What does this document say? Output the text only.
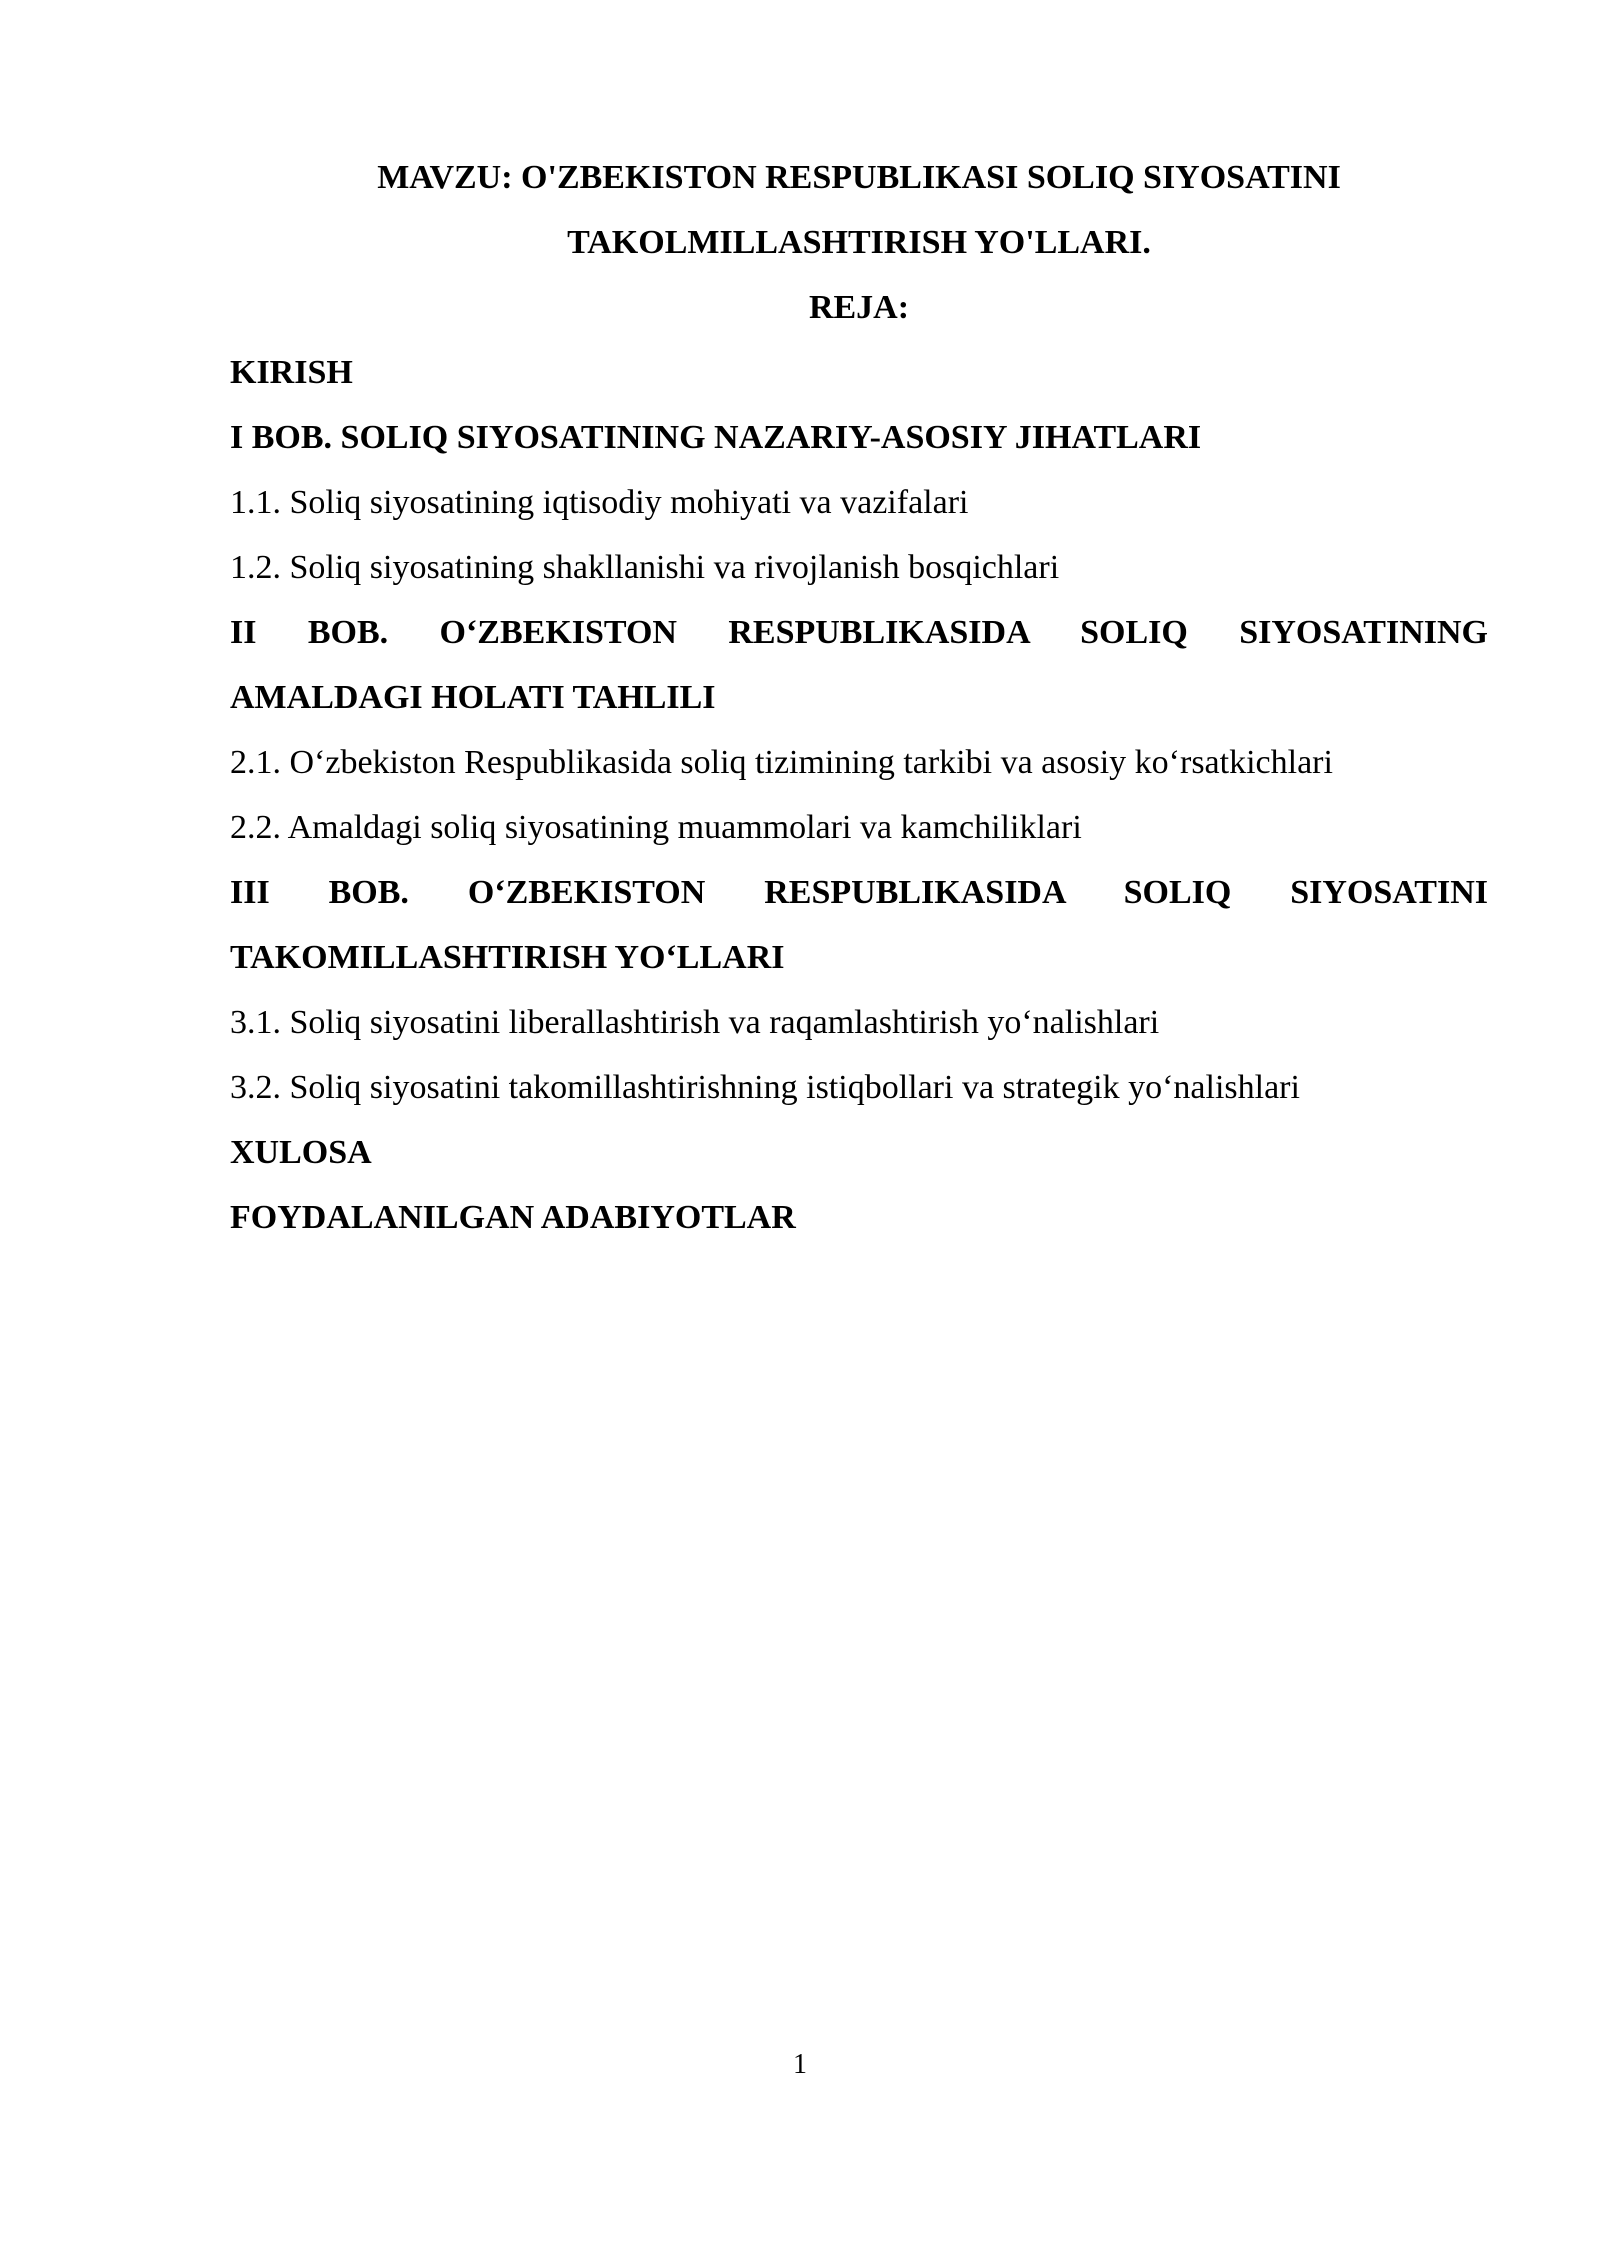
MAVZU: O'ZBEKISTON RESPUBLIKASI SOLIQ SIYOSATINI
TAKOLMILLASHTIRISH YO'LLARI.
REJA:
KIRISH
I BOB. SOLIQ SIYOSATINING NAZARIY-ASOSIY JIHATLARI
1.1. Soliq siyosatining iqtisodiy mohiyati va vazifalari
1.2. Soliq siyosatining shakllanishi va rivojlanish bosqichlari
II BOB. O‘ZBEKISTON RESPUBLIKASIDA SOLIQ SIYOSATINING
AMALDAGI HOLATI TAHLILI
2.1. O‘zbekiston Respublikasida soliq tizimining tarkibi va asosiy ko‘rsatkichlari
2.2. Amaldagi soliq siyosatining muammolari va kamchiliklari
III BOB. O‘ZBEKISTON RESPUBLIKASIDA SOLIQ SIYOSATINI
TAKOMILLASHTIRISH YO‘LLARI
3.1. Soliq siyosatini liberallashtirish va raqamlashtirish yo‘nalishlari
3.2. Soliq siyosatini takomillashtirishning istiqbollari va strategik yo‘nalishlari
XULOSA
FOYDALANILGAN ADABIYOTLAR
1
